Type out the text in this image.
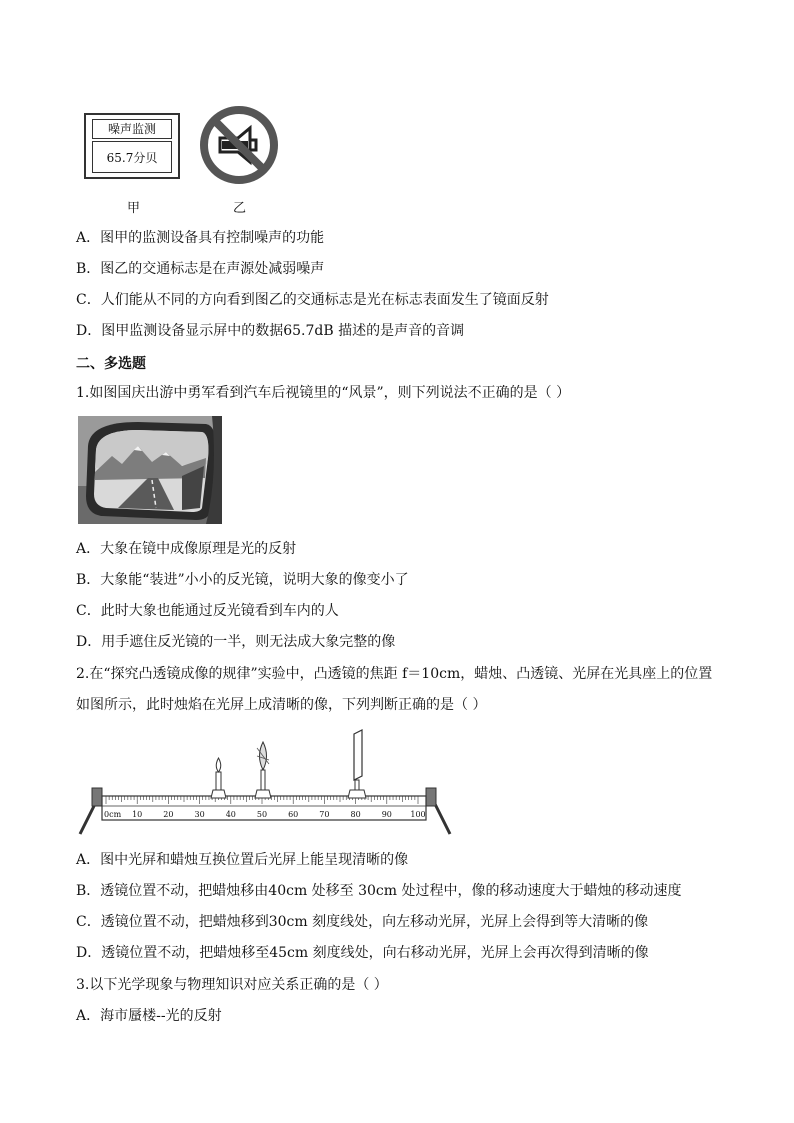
噪声监测
65.7分贝
甲	乙
A．图甲的监测设备具有控制噪声的功能
B．图乙的交通标志是在声源处减弱噪声
C．人们能从不同的方向看到图乙的交通标志是光在标志表面发生了镜面反射
D．图甲监测设备显示屏中的数据65.7dB 描述的是声音的音调
二、多选题
1.如图国庆出游中勇军看到汽车后视镜里的“风景”，则下列说法不正确的是（ ）
A．大象在镜中成像原理是光的反射
B．大象能“装进”小小的反光镜，说明大象的像变小了
C．此时大象也能通过反光镜看到车内的人
D．用手遮住反光镜的一半，则无法成大象完整的像
2.在“探究凸透镜成像的规律”实验中，凸透镜的焦距 f＝10cm，蜡烛、凸透镜、光屏在光具座上的位置
如图所示，此时烛焰在光屏上成清晰的像，下列判断正确的是（ ）
0cm 10	20	30	40	50	60	70	80	90 100
A．图中光屏和蜡烛互换位置后光屏上能呈现清晰的像
B．透镜位置不动，把蜡烛移由40cm 处移至 30cm 处过程中，像的移动速度大于蜡烛的移动速度
C．透镜位置不动，把蜡烛移到30cm 刻度线处，向左移动光屏，光屏上会得到等大清晰的像
D．透镜位置不动，把蜡烛移至45cm 刻度线处，向右移动光屏，光屏上会再次得到清晰的像
3.以下光学现象与物理知识对应关系正确的是（ ）
A．海市蜃楼--光的反射
